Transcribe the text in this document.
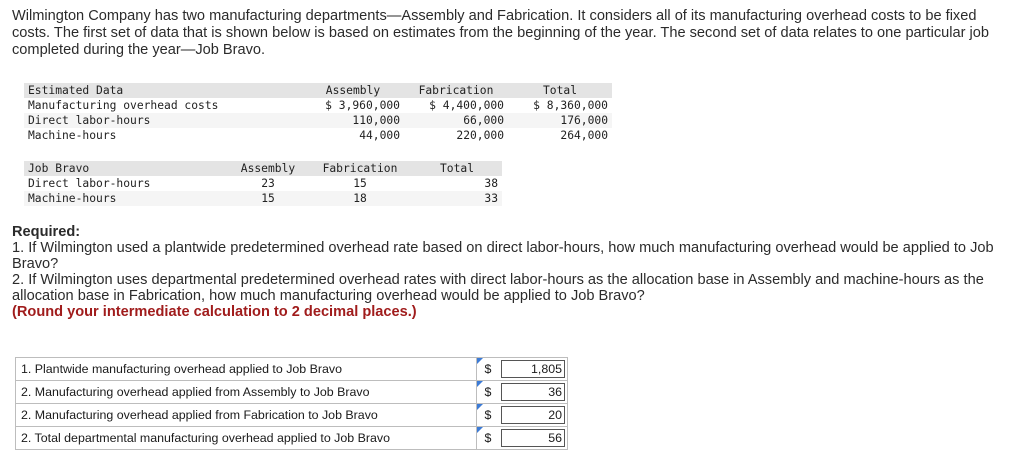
Wilmington Company has two manufacturing departments—Assembly and Fabrication. It considers all of its manufacturing overhead costs to be fixed costs. The first set of data that is shown below is based on estimates from the beginning of the year. The second set of data relates to one particular job completed during the year—Job Bravo.
Estimated Data	Assembly	Fabrication	Total
Manufacturing overhead costs	$ 3,960,000	$ 4,400,000	$ 8,360,000
Direct labor-hours	110,000	66,000	176,000
Machine-hours	44,000	220,000	264,000
Job Bravo	Assembly	Fabrication	Total
Direct labor-hours	23	15	38
Machine-hours	15	18	33
Required:
1. If Wilmington used a plantwide predetermined overhead rate based on direct labor-hours, how much manufacturing overhead would be applied to Job Bravo?
2. If Wilmington uses departmental predetermined overhead rates with direct labor-hours as the allocation base in Assembly and machine-hours as the allocation base in Fabrication, how much manufacturing overhead would be applied to Job Bravo?
(Round your intermediate calculation to 2 decimal places.)
1. Plantwide manufacturing overhead applied to Job Bravo	$	1,805

2. Manufacturing overhead applied from Assembly to Job Bravo	$	36

2. Manufacturing overhead applied from Fabrication to Job Bravo	$	20

2. Total departmental manufacturing overhead applied to Job Bravo	$	56
